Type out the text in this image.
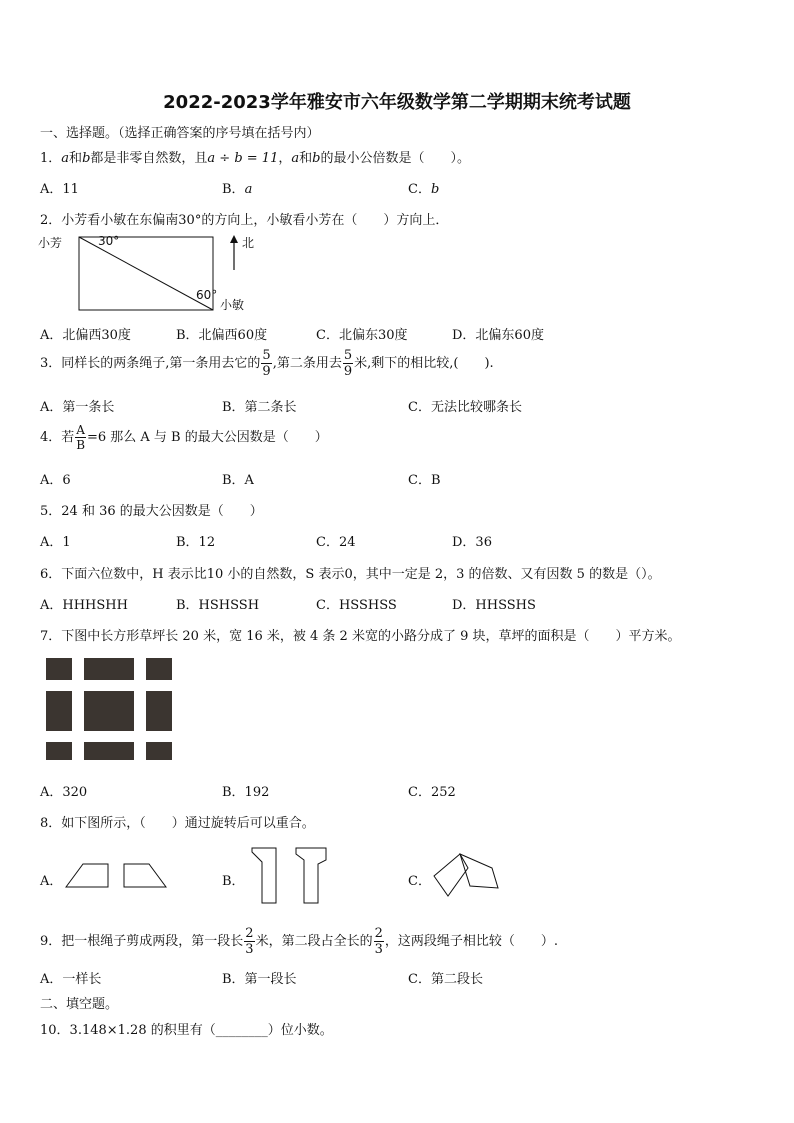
2022-2023学年雅安市六年级数学第二学期期末统考试题
一、选择题。（选择正确答案的序号填在括号内）
1．a和b都是非零自然数，且a ÷ b = 11，a和b的最小公倍数是（　　）。
A．11	B．a	C．b
2．小芳看小敏在东偏南30°的方向上，小敏看小芳在（　　）方向上．
小芳	30°
60°
小敏
北
A．北偏西30度	B．北偏西60度	C．北偏东30度	D．北偏东60度
3．同样长的两条绳子,第一条用去它的 $\frac{5}{9}$ ,第二条用去 $\frac{5}{9}$ 米,剩下的相比较,(　　).
A．第一条长	B．第二条长	C．无法比较哪条长
4．若 $\frac{A}{B} =6$ 那么 A 与 B 的最大公因数是（　　）
A．6	B．A	C．B
5．24 和 36 的最大公因数是（　　）
A．1	B．12	C．24	D．36
6．下面六位数中，H 表示比10 小的自然数，S 表示0，其中一定是 2，3 的倍数、又有因数 5 的数是（）。
A．HHHSHH	B．HSHSSH	C．HSSHSS	D．HHSSHS
7．下图中长方形草坪长 20 米，宽 16 米，被 4 条 2 米宽的小路分成了 9 块，草坪的面积是（　　）平方米。
A．320	B．192	C．252
8．如下图所示，（　　）通过旋转后可以重合。
A．	B．	C．
9．把一根绳子剪成两段，第一段长 $\frac{2}{3}$ 米，第二段占全长的 $\frac{2}{3}$ ，这两段绳子相比较（　　）.
A．一样长	B．第一段长	C．第二段长
二、填空题。
10．3.148×1.28 的积里有（________）位小数。
